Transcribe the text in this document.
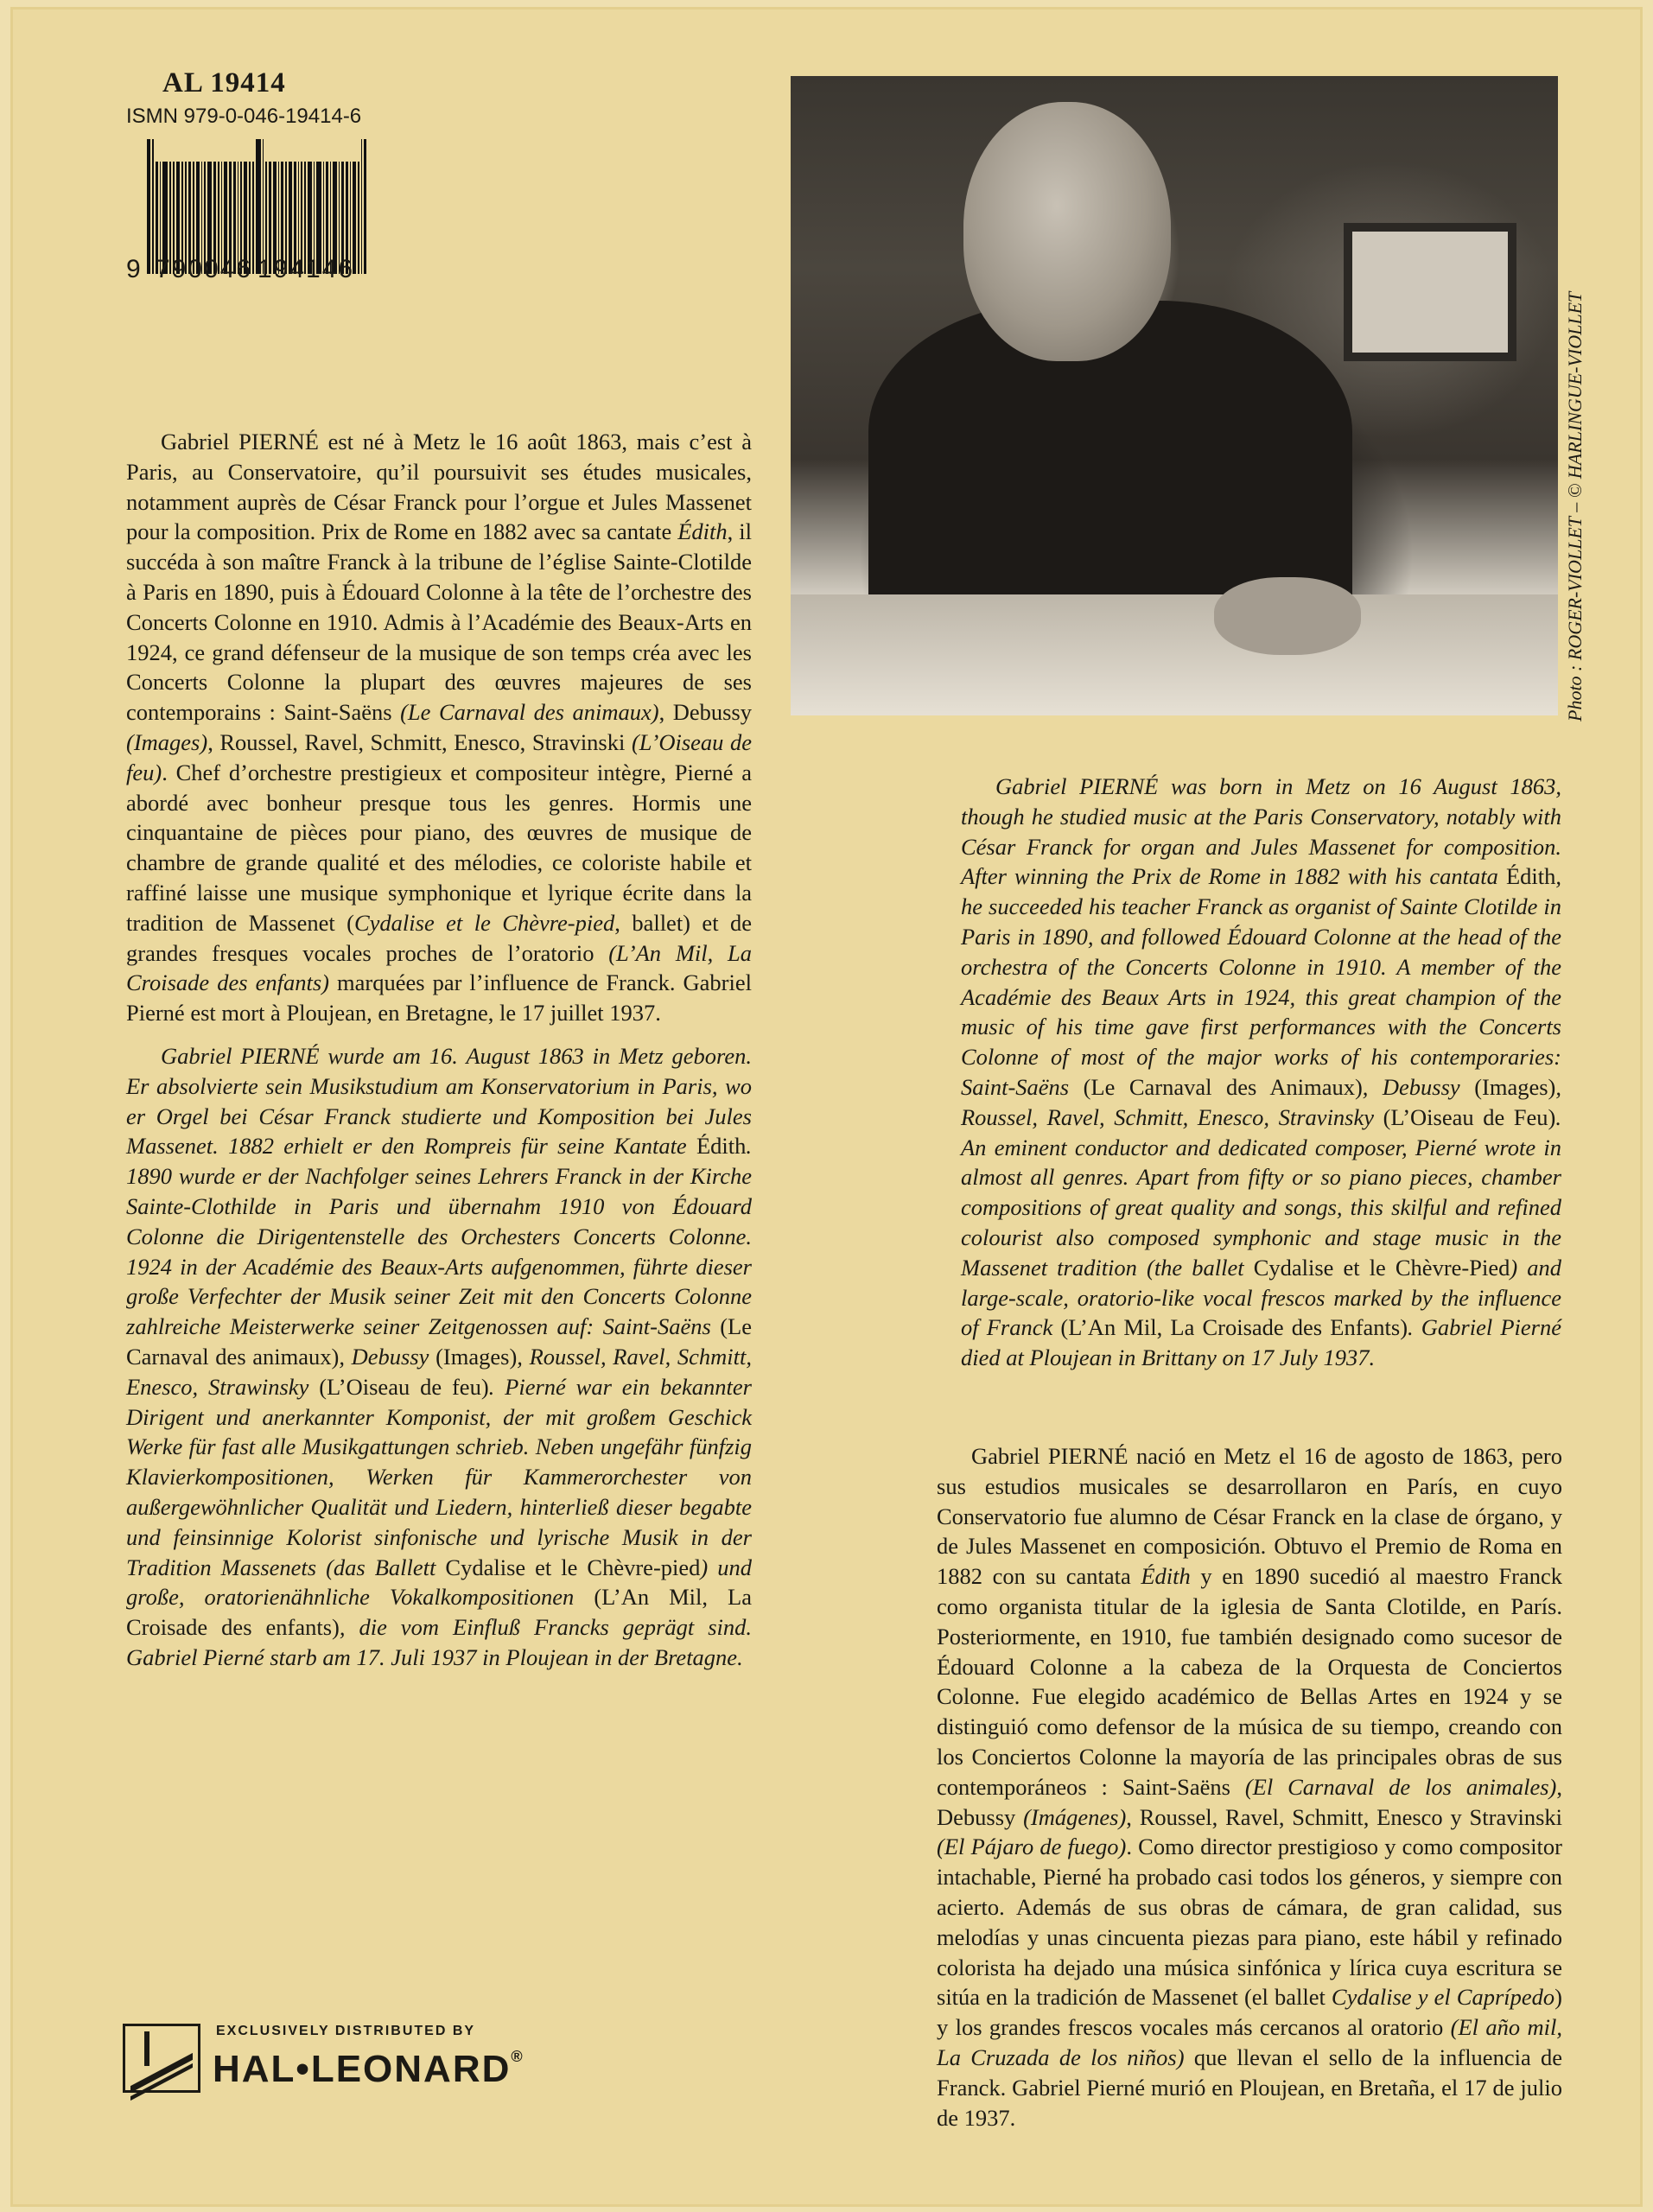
AL 19414
ISMN 979-0-046-19414-6
9 790046 194146

Gabriel PIERNÉ est né à Metz le 16 août 1863, mais c’est à Paris, au Conservatoire, qu’il poursuivit ses études musicales, notamment auprès de César Franck pour l’orgue et Jules Massenet pour la composition. Prix de Rome en 1882 avec sa cantate Édith, il succéda à son maître Franck à la tribune de l’église Sainte-Clotilde à Paris en 1890, puis à Édouard Colonne à la tête de l’orchestre des Concerts Colonne en 1910. Admis à l’Académie des Beaux-Arts en 1924, ce grand défenseur de la musique de son temps créa avec les Concerts Colonne la plupart des œuvres majeures de ses contemporains : Saint-Saëns (Le Carnaval des animaux), Debussy (Images), Roussel, Ravel, Schmitt, Enesco, Stravinski (L’Oiseau de feu). Chef d’orchestre prestigieux et compositeur intègre, Pierné a abordé avec bonheur presque tous les genres. Hormis une cinquantaine de pièces pour piano, des œuvres de musique de chambre de grande qualité et des mélodies, ce coloriste habile et raffiné laisse une musique symphonique et lyrique écrite dans la tradition de Massenet (Cydalise et le Chèvre-pied, ballet) et de grandes fresques vocales proches de l’oratorio (L’An Mil, La Croisade des enfants) marquées par l’influence de Franck. Gabriel Pierné est mort à Ploujean, en Bretagne, le 17 juillet 1937.

Gabriel PIERNÉ wurde am 16. August 1863 in Metz geboren. Er absolvierte sein Musikstudium am Konservatorium in Paris, wo er Orgel bei César Franck studierte und Komposition bei Jules Massenet. 1882 erhielt er den Rompreis für seine Kantate Édith. 1890 wurde er der Nachfolger seines Lehrers Franck in der Kirche Sainte-Clothilde in Paris und übernahm 1910 von Édouard Colonne die Dirigentenstelle des Orchesters Concerts Colonne. 1924 in der Académie des Beaux-Arts aufgenommen, führte dieser große Verfechter der Musik seiner Zeit mit den Concerts Colonne zahlreiche Meisterwerke seiner Zeitgenossen auf: Saint-Saëns (Le Carnaval des animaux), Debussy (Images), Roussel, Ravel, Schmitt, Enesco, Strawinsky (L’Oiseau de feu). Pierné war ein bekannter Dirigent und anerkannter Komponist, der mit großem Geschick Werke für fast alle Musikgattungen schrieb. Neben ungefähr fünfzig Klavierkompositionen, Werken für Kammerorchester von außergewöhnlicher Qualität und Liedern, hinterließ dieser begabte und feinsinnige Kolorist sinfonische und lyrische Musik in der Tradition Massenets (das Ballett Cydalise et le Chèvre-pied) und große, oratorienähnliche Vokalkompositionen (L’An Mil, La Croisade des enfants), die vom Einfluß Francks geprägt sind. Gabriel Pierné starb am 17. Juli 1937 in Ploujean in der Bretagne.

Gabriel PIERNÉ was born in Metz on 16 August 1863, though he studied music at the Paris Conservatory, notably with César Franck for organ and Jules Massenet for composition. After winning the Prix de Rome in 1882 with his cantata Édith, he succeeded his teacher Franck as organist of Sainte Clotilde in Paris in 1890, and followed Édouard Colonne at the head of the orchestra of the Concerts Colonne in 1910. A member of the Académie des Beaux Arts in 1924, this great champion of the music of his time gave first performances with the Concerts Colonne of most of the major works of his contemporaries: Saint-Saëns (Le Carnaval des Animaux), Debussy (Images), Roussel, Ravel, Schmitt, Enesco, Stravinsky (L’Oiseau de Feu). An eminent conductor and dedicated composer, Pierné wrote in almost all genres. Apart from fifty or so piano pieces, chamber compositions of great quality and songs, this skilful and refined colourist also composed symphonic and stage music in the Massenet tradition (the ballet Cydalise et le Chèvre-Pied) and large-scale, oratorio-like vocal frescos marked by the influence of Franck (L’An Mil, La Croisade des Enfants). Gabriel Pierné died at Ploujean in Brittany on 17 July 1937.

Gabriel PIERNÉ nació en Metz el 16 de agosto de 1863, pero sus estudios musicales se desarrollaron en París, en cuyo Conservatorio fue alumno de César Franck en la clase de órgano, y de Jules Massenet en composición. Obtuvo el Premio de Roma en 1882 con su cantata Édith y en 1890 sucedió al maestro Franck como organista titular de la iglesia de Santa Clotilde, en París. Posteriormente, en 1910, fue también designado como sucesor de Édouard Colonne a la cabeza de la Orquesta de Conciertos Colonne. Fue elegido académico de Bellas Artes en 1924 y se distinguió como defensor de la música de su tiempo, creando con los Conciertos Colonne la mayoría de las principales obras de sus contemporáneos : Saint-Saëns (El Carnaval de los animales), Debussy (Imágenes), Roussel, Ravel, Schmitt, Enesco y Stravinski (El Pájaro de fuego). Como director prestigioso y como compositor intachable, Pierné ha probado casi todos los géneros, y siempre con acierto. Además de sus obras de cámara, de gran calidad, sus melodías y unas cincuenta piezas para piano, este hábil y refinado colorista ha dejado una música sinfónica y lírica cuya escritura se sitúa en la tradición de Massenet (el ballet Cydalise y el Caprípedo) y los grandes frescos vocales más cercanos al oratorio (El año mil, La Cruzada de los niños) que llevan el sello de la influencia de Franck. Gabriel Pierné murió en Ploujean, en Bretaña, el 17 de julio de 1937.

EXCLUSIVELY DISTRIBUTED BY
HAL•LEONARD®
